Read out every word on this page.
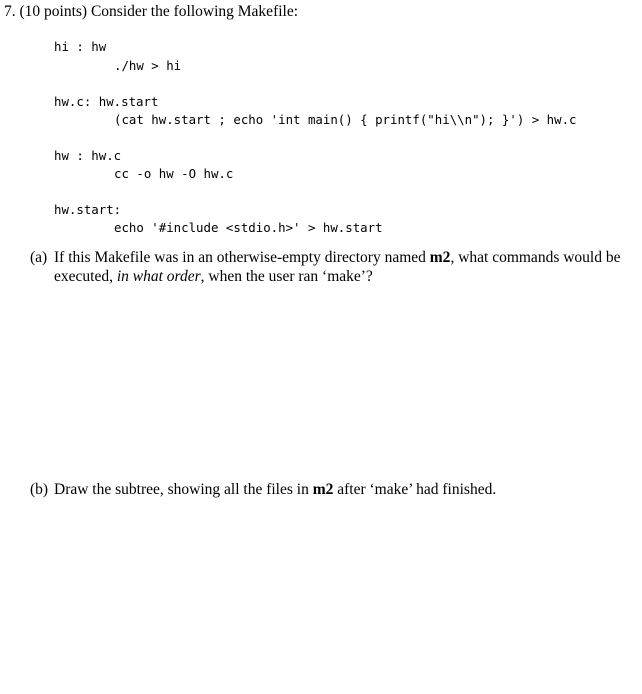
7. (10 points) Consider the following Makefile:
hi : hw
./hw > hi
hw.c: hw.start
(cat hw.start ; echo 'int main() { printf("hi\\n"); }') > hw.c
hw : hw.c
cc -o hw -O hw.c
hw.start:
echo '#include <stdio.h>' > hw.start
(a) If this Makefile was in an otherwise-empty directory named m2, what commands would be executed, in what order, when the user ran ‘make’?
(b) Draw the subtree, showing all the files in m2 after ‘make’ had finished.
